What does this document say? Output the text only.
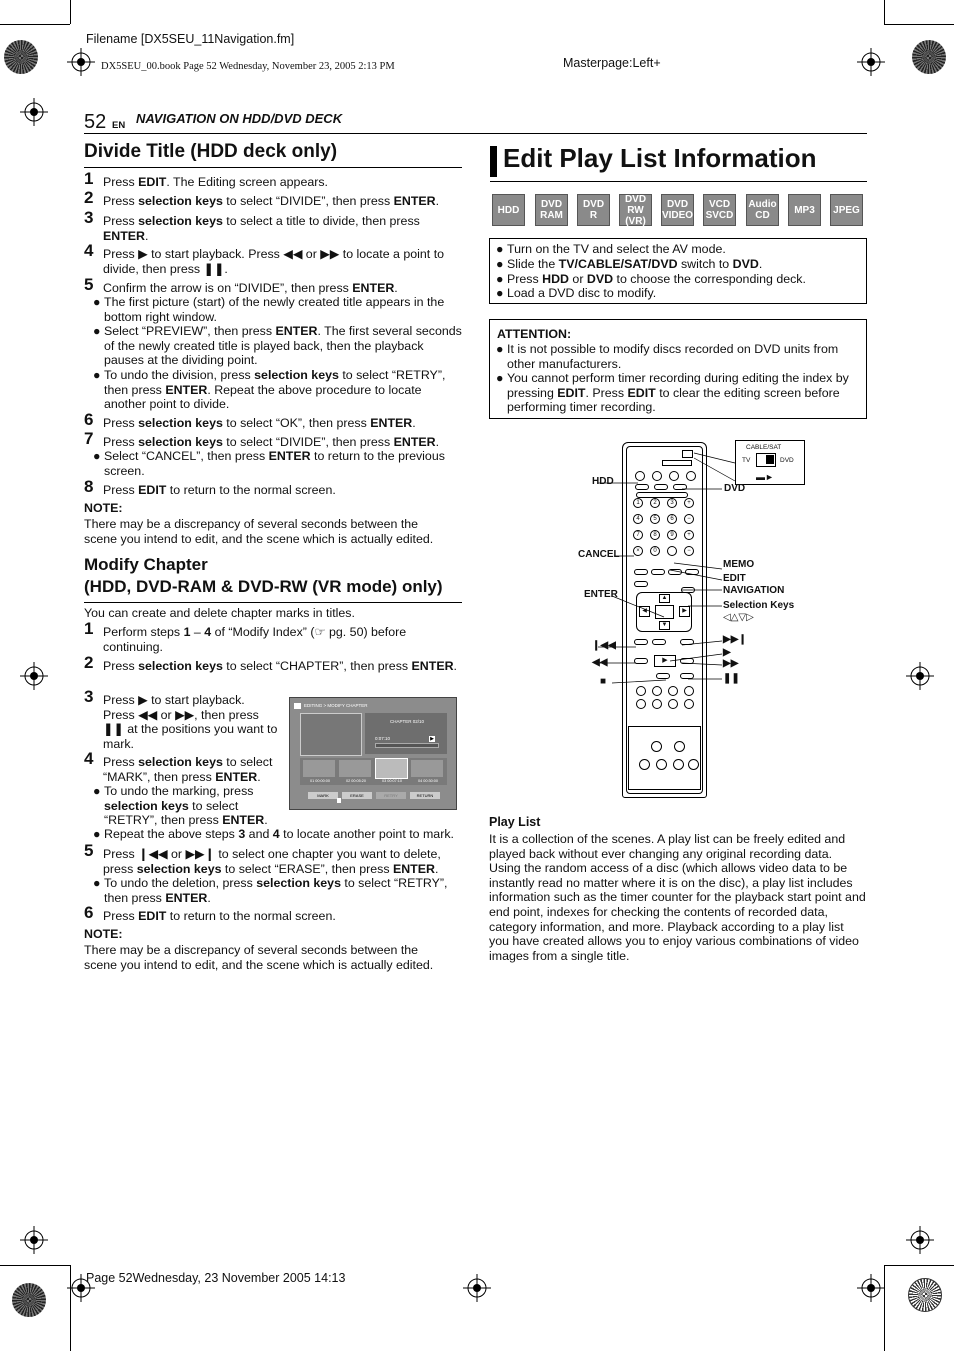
Filename [DX5SEU_11Navigation.fm]
DX5SEU_00.book Page 52 Wednesday, November 23, 2005 2:13 PM	Masterpage:Left+
Page 52Wednesday, 23 November 2005 14:13
52 EN NAVIGATION ON HDD/DVD DECK
Divide Title (HDD deck only)
1 Press EDIT. The Editing screen appears.
2 Press selection keys to select “DIVIDE”, then press ENTER.
3 Press selection keys to select a title to divide, then press ENTER.
4 Press ▶ to start playback. Press ◀◀ or ▶▶ to locate a point to divide, then press ❚❚.
5 Confirm the arrow is on “DIVIDE”, then press ENTER.
● The first picture (start) of the newly created title appears in the bottom right window.
● Select “PREVIEW”, then press ENTER. The first several seconds of the newly created title is played back, then the playback pauses at the dividing point.
● To undo the division, press selection keys to select “RETRY”, then press ENTER. Repeat the above procedure to locate another point to divide.
6 Press selection keys to select “OK”, then press ENTER.
7 Press selection keys to select “DIVIDE”, then press ENTER.
● Select “CANCEL”, then press ENTER to return to the previous screen.
8 Press EDIT to return to the normal screen.
NOTE:
There may be a discrepancy of several seconds between the scene you intend to edit, and the scene which is actually edited.
Modify Chapter
(HDD, DVD-RAM & DVD-RW (VR mode) only)
You can create and delete chapter marks in titles.
1 Perform steps 1 – 4 of “Modify Index” (☞ pg. 50) before continuing.
2 Press selection keys to select “CHAPTER”, then press ENTER.
3 Press ▶ to start playback.
Press ◀◀ or ▶▶, then press
❚❚ at the positions you want to mark.
4 Press selection keys to select “MARK”, then press ENTER.
● To undo the marking, press selection keys to select “RETRY”, then press ENTER.
● Repeat the above steps 3 and 4 to locate another point to mark.
5 Press ❙◀◀ or ▶▶❙ to select one chapter you want to delete, press selection keys to select “ERASE”, then press ENTER.
● To undo the deletion, press selection keys to select “RETRY”, then press ENTER.
6 Press EDIT to return to the normal screen.
NOTE:
There may be a discrepancy of several seconds between the scene you intend to edit, and the scene which is actually edited.
EDITING > MODIFY CHAPTER
CHAPTER 02/10
0:07:10	▶
01 00:00:00	02 00:05:20	03 00:07:10	04 00:30:00
MARK	ERASE	RETRY	RETURN
Edit Play List Information
HDD	DVD RAM
DVD R
DVD RW (VR)
DVD VIDEO
VCD SVCD
Audio CD	MP3	JPEG
● Turn on the TV and select the AV mode.
● Slide the TV/CABLE/SAT/DVD switch to DVD.
● Press HDD or DVD to choose the corresponding deck.
● Load a DVD disc to modify.
ATTENTION:
● It is not possible to modify discs recorded on DVD units from other manufacturers.
● You cannot perform timer recording during editing the index by pressing EDIT. Press EDIT to clear the editing screen before performing timer recording.
CABLE/SAT
TV	DVD
▬►
1	2	3	+
4	5	6	−
7	8	9	+
×	0	−
▲
▼
◀	▶
▶
HDD
CANCEL
ENTER
❙◀◀
◀◀
■
DVD
MEMO
EDIT
NAVIGATION
Selection Keys
◁△▽▷
▶▶❙
▶
▶▶
❚❚
Play List
It is a collection of the scenes. A play list can be freely edited and played back without ever changing any original recording data. Using the random access of a disc (which allows video data to be instantly read no matter where it is on the disc), a play list includes information such as the timer counter for the playback start point and end point, indexes for checking the contents of recorded data, category information, and more. Playback according to a play list you have created allows you to enjoy various combinations of video images from a single title.
